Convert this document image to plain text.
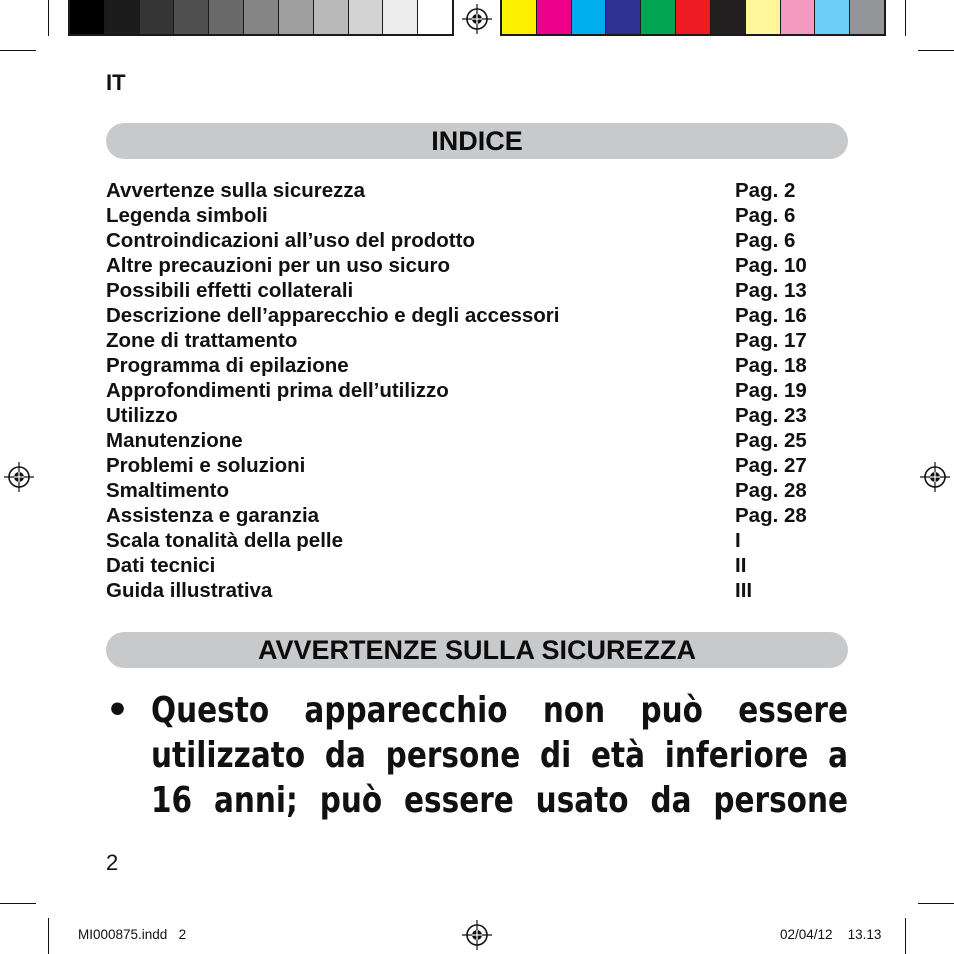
IT
INDICE
Avvertenze sulla sicurezza	Pag. 2
Legenda simboli	Pag. 6
Controindicazioni all’uso del prodotto	Pag. 6
Altre precauzioni per un uso sicuro	Pag. 10
Possibili effetti collaterali	Pag. 13
Descrizione dell’apparecchio e degli accessori	Pag. 16
Zone di trattamento	Pag. 17
Programma di epilazione	Pag. 18
Approfondimenti prima dell’utilizzo	Pag. 19
Utilizzo	Pag. 23
Manutenzione	Pag. 25
Problemi e soluzioni	Pag. 27
Smaltimento	Pag. 28
Assistenza e garanzia	Pag. 28
Scala tonalità della pelle	I
Dati tecnici	II
Guida illustrativa	III
AVVERTENZE SULLA SICUREZZA
• Questo apparecchio non può essere
utilizzato da persone di età inferiore a
16 anni; può essere usato da persone
2
MI000875.indd 2	02/04/12 13.13
